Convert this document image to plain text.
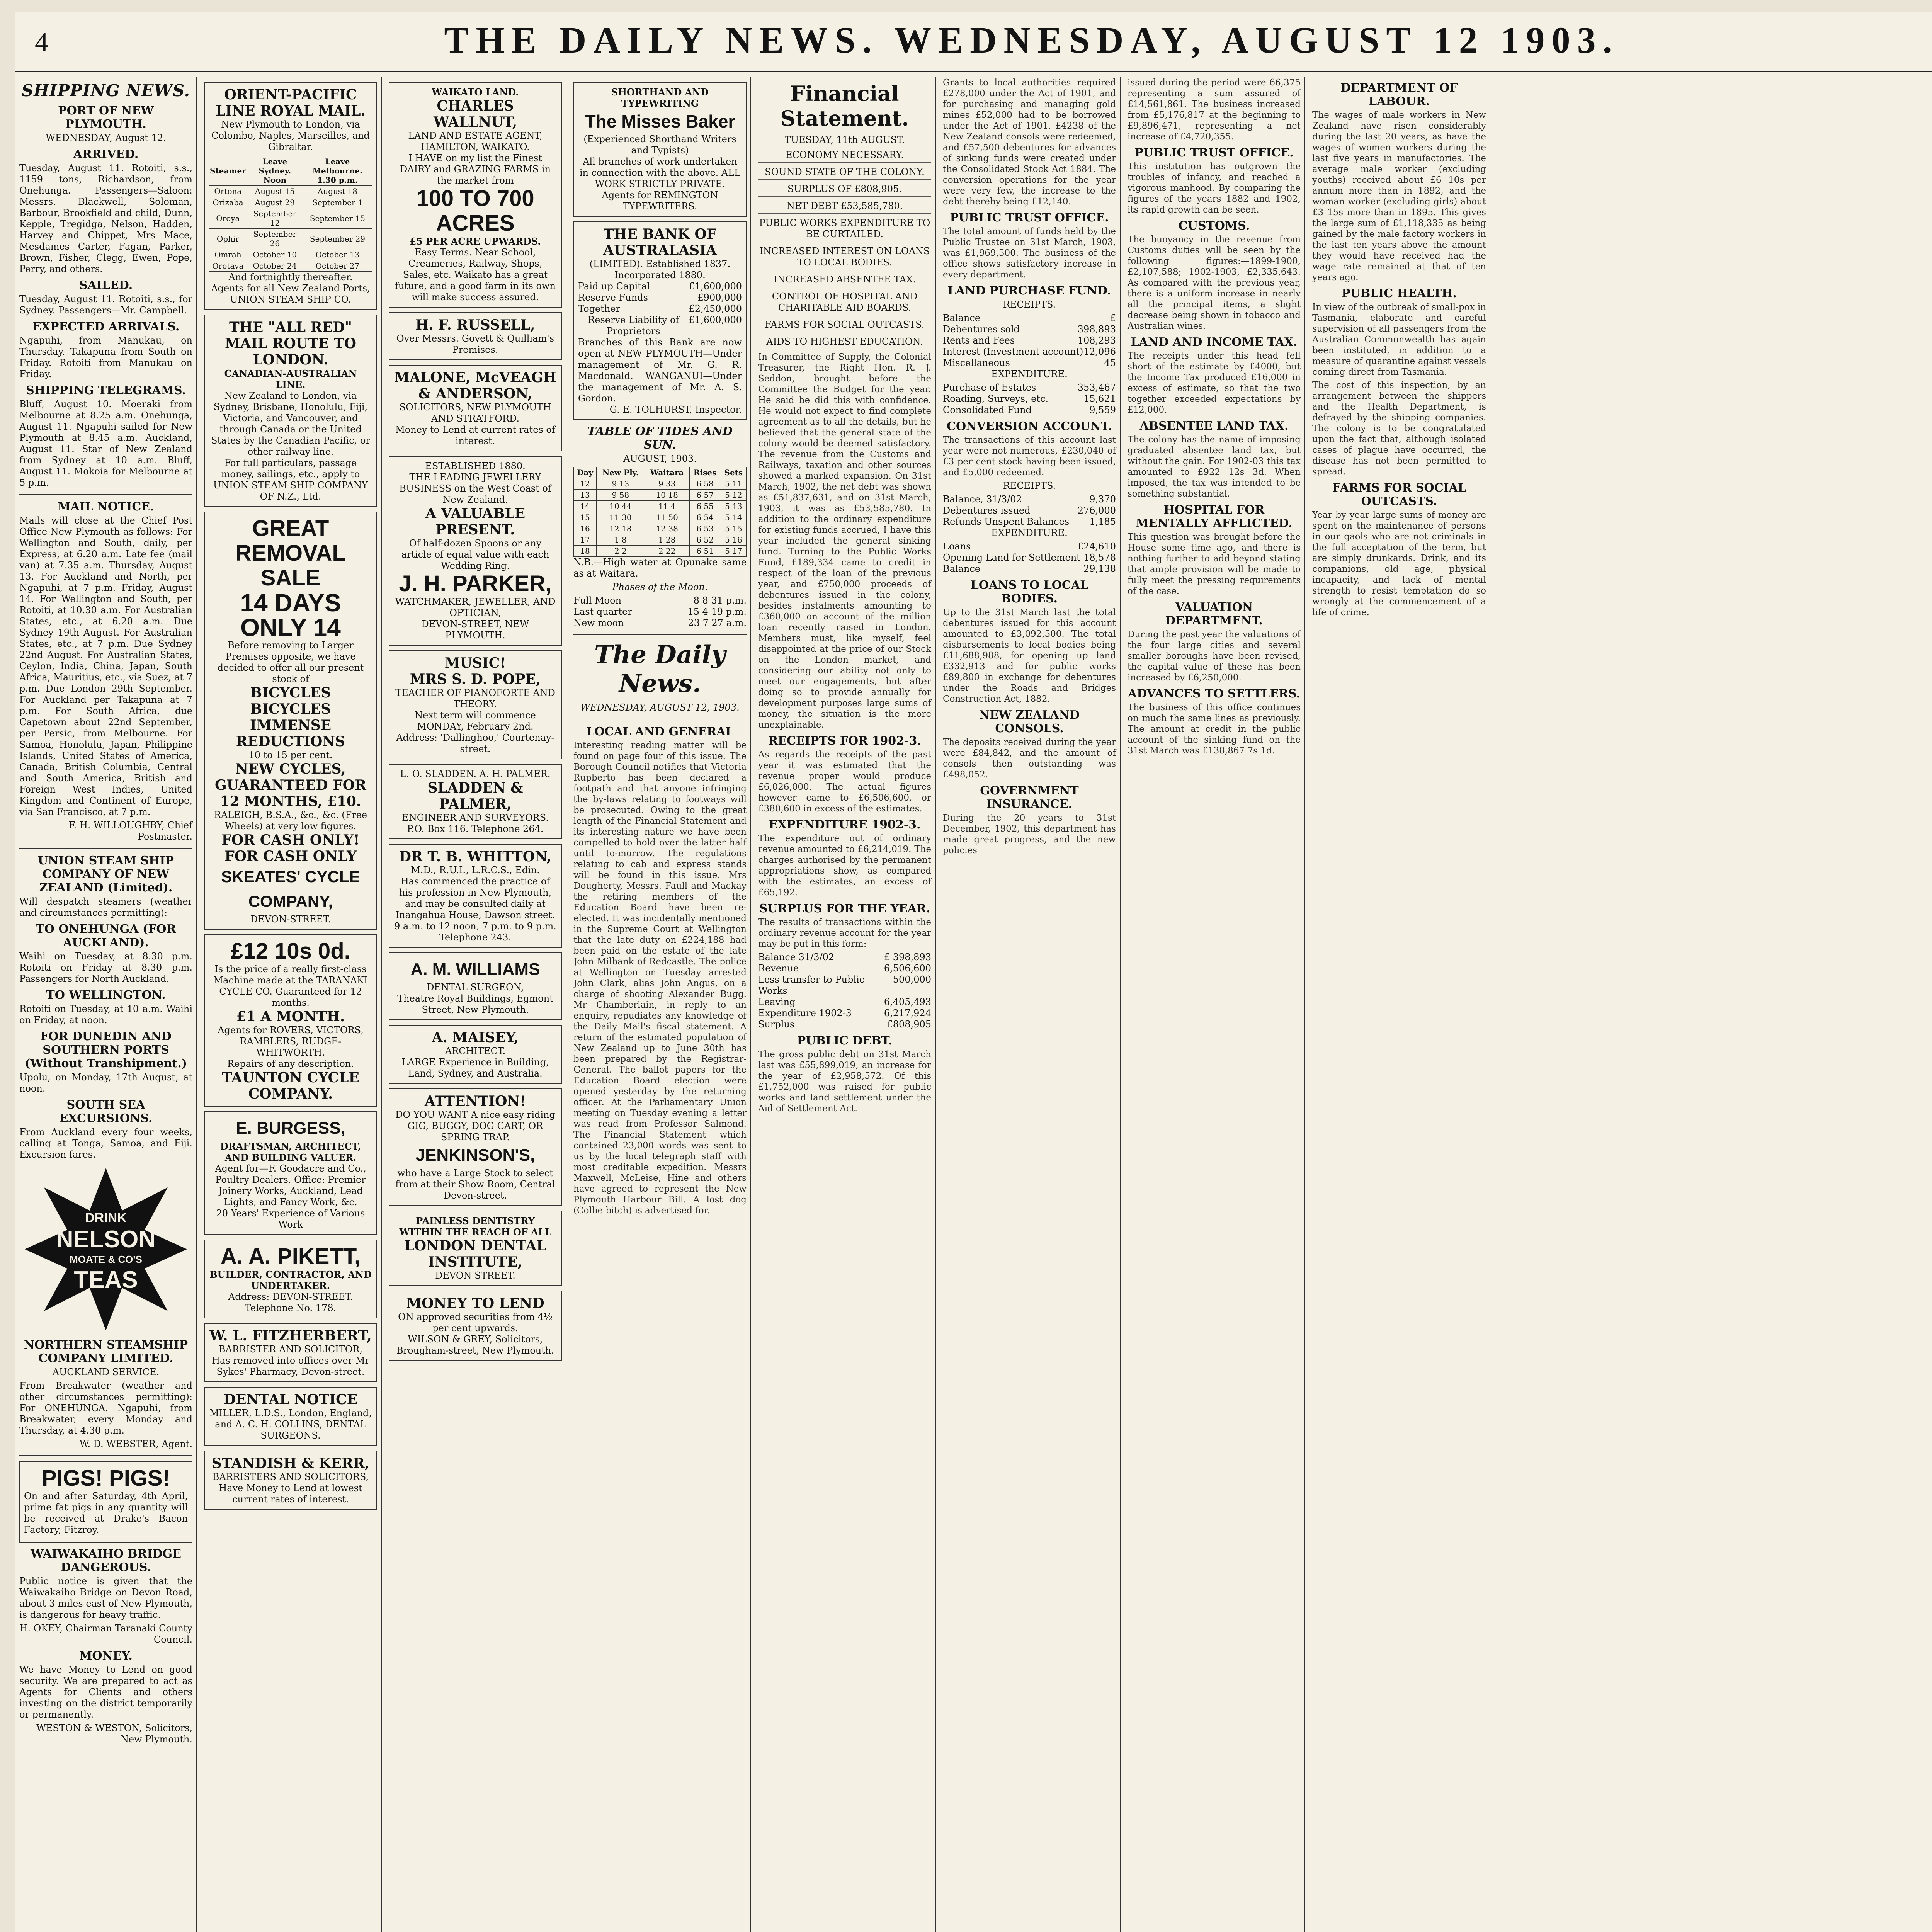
4	THE DAILY NEWS. WEDNESDAY, AUGUST 12 1903.
SHIPPING NEWS.
PORT OF NEW PLYMOUTH.
WEDNESDAY, August 12.
ARRIVED.

Tuesday, August 11. Rotoiti, s.s., 1159 tons, Richardson, from Onehunga. Passengers—Saloon: Messrs. Blackwell, Soloman, Barbour, Brookfield and child, Dunn, Kepple, Tregidga, Nelson, Hadden, Harvey and Chippet, Mrs Mace, Mesdames Carter, Fagan, Parker, Brown, Fisher, Clegg, Ewen, Pope, Perry, and others.

SAILED.

Tuesday, August 11. Rotoiti, s.s., for Sydney. Passengers—Mr. Campbell.

EXPECTED ARRIVALS.

Ngapuhi, from Manukau, on Thursday. Takapuna from South on Friday. Rotoiti from Manukau on Friday.

SHIPPING TELEGRAMS.

Bluff, August 10. Moeraki from Melbourne at 8.25 a.m. Onehunga, August 11. Ngapuhi sailed for New Plymouth at 8.45 a.m. Auckland, August 11. Star of New Zealand from Sydney at 10 a.m. Bluff, August 11. Mokoia for Melbourne at 5 p.m.

MAIL NOTICE.

Mails will close at the Chief Post Office New Plymouth as follows: For Wellington and South, daily, per Express, at 6.20 a.m. Late fee (mail van) at 7.35 a.m. Thursday, August 13. For Auckland and North, per Ngapuhi, at 7 p.m. Friday, August 14. For Wellington and South, per Rotoiti, at 10.30 a.m. For Australian States, etc., at 6.20 a.m. Due Sydney 19th August. For Australian States, etc., at 7 p.m. Due Sydney 22nd August. For Australian States, Ceylon, India, China, Japan, South Africa, Mauritius, etc., via Suez, at 7 p.m. Due London 29th September. For Auckland per Takapuna at 7 p.m. For South Africa, due Capetown about 22nd September, per Persic, from Melbourne. For Samoa, Honolulu, Japan, Philippine Islands, United States of America, Canada, British Columbia, Central and South America, British and Foreign West Indies, United Kingdom and Continent of Europe, via San Francisco, at 7 p.m.

F. H. WILLOUGHBY, Chief Postmaster.

UNION STEAM SHIP COMPANY OF NEW ZEALAND (Limited).

Will despatch steamers (weather and circumstances permitting):

TO ONEHUNGA (FOR AUCKLAND).

Waihi on Tuesday, at 8.30 p.m. Rotoiti on Friday at 8.30 p.m. Passengers for North Auckland.

TO WELLINGTON.

Rotoiti on Tuesday, at 10 a.m. Waihi on Friday, at noon.

FOR DUNEDIN AND SOUTHERN PORTS (Without Transhipment.)

Upolu, on Monday, 17th August, at noon.

SOUTH SEA EXCURSIONS.

From Auckland every four weeks, calling at Tonga, Samoa, and Fiji. Excursion fares.

DRINK
NELSON
MOATE & CO'S
TEAS
NORTHERN STEAMSHIP COMPANY LIMITED.
AUCKLAND SERVICE.

From Breakwater (weather and other circumstances permitting): For ONEHUNGA. Ngapuhi, from Breakwater, every Monday and Thursday, at 4.30 p.m.

W. D. WEBSTER, Agent.

PIGS! PIGS!

On and after Saturday, 4th April, prime fat pigs in any quantity will be received at Drake's Bacon Factory, Fitzroy.

WAIWAKAIHO BRIDGE DANGEROUS.

Public notice is given that the Waiwakaiho Bridge on Devon Road, about 3 miles east of New Plymouth, is dangerous for heavy traffic.

H. OKEY, Chairman Taranaki County Council.

MONEY.

We have Money to Lend on good security. We are prepared to act as Agents for Clients and others investing on the district temporarily or permanently.

WESTON & WESTON, Solicitors, New Plymouth.

ORIENT-PACIFIC LINE ROYAL MAIL.
New Plymouth to London, via Colombo, Naples, Marseilles, and Gibraltar.
Steamer	Leave Sydney. Noon	Leave Melbourne. 1.30 p.m.
Ortona	August 15	August 18
Orizaba	August 29	September 1
Oroya	September 12	September 15
Ophir	September 26	September 29
Omrah	October 10	October 13
Orotava	October 24	October 27
And fortnightly thereafter.
Agents for all New Zealand Ports, UNION STEAM SHIP CO.
THE "ALL RED" MAIL ROUTE TO LONDON.
CANADIAN-AUSTRALIAN LINE.
New Zealand to London, via Sydney, Brisbane, Honolulu, Fiji, Victoria, and Vancouver, and through Canada or the United States by the Canadian Pacific, or other railway line.
For full particulars, passage money, sailings, etc., apply to UNION STEAM SHIP COMPANY OF N.Z., Ltd.
GREAT REMOVAL SALE
14 DAYS ONLY 14
Before removing to Larger Premises opposite, we have decided to offer all our present stock of
BICYCLES BICYCLES
IMMENSE REDUCTIONS
10 to 15 per cent.
NEW CYCLES, GUARANTEED FOR 12 MONTHS, £10.
RALEIGH, B.S.A., &c., &c. (Free Wheels) at very low figures.
FOR CASH ONLY! FOR CASH ONLY
SKEATES' CYCLE COMPANY,
DEVON-STREET.
£12 10s 0d.
Is the price of a really first-class Machine made at the TARANAKI CYCLE CO. Guaranteed for 12 months.
£1 A MONTH.
Agents for ROVERS, VICTORS, RAMBLERS, RUDGE-WHITWORTH.
Repairs of any description.
TAUNTON CYCLE COMPANY.
E. BURGESS,
DRAFTSMAN, ARCHITECT, AND BUILDING VALUER.
Agent for—F. Goodacre and Co., Poultry Dealers. Office: Premier Joinery Works, Auckland, Lead Lights, and Fancy Work, &c.
20 Years' Experience of Various Work
A. A. PIKETT,
BUILDER, CONTRACTOR, AND UNDERTAKER.
Address: DEVON-STREET.
Telephone No. 178.
W. L. FITZHERBERT,
BARRISTER AND SOLICITOR,
Has removed into offices over Mr Sykes' Pharmacy, Devon-street.
DENTAL NOTICE
MILLER, L.D.S., London, England, and A. C. H. COLLINS, DENTAL SURGEONS.
STANDISH & KERR,
BARRISTERS AND SOLICITORS,
Have Money to Lend at lowest current rates of interest.
WAIKATO LAND.
CHARLES WALLNUT,
LAND AND ESTATE AGENT, HAMILTON, WAIKATO.
I HAVE on my list the Finest DAIRY and GRAZING FARMS in the market from
100 TO 700 ACRES
£5 PER ACRE UPWARDS.
Easy Terms. Near School, Creameries, Railway, Shops, Sales, etc. Waikato has a great future, and a good farm in its own will make success assured.
H. F. RUSSELL,
Over Messrs. Govett & Quilliam's Premises.
MALONE, McVEAGH & ANDERSON,
SOLICITORS, NEW PLYMOUTH AND STRATFORD.
Money to Lend at current rates of interest.
ESTABLISHED 1880.
THE LEADING JEWELLERY BUSINESS on the West Coast of New Zealand.
A VALUABLE PRESENT.
Of half-dozen Spoons or any article of equal value with each Wedding Ring.
J. H. PARKER,
WATCHMAKER, JEWELLER, AND OPTICIAN,
DEVON-STREET, NEW PLYMOUTH.
MUSIC!
MRS S. D. POPE,
TEACHER OF PIANOFORTE AND THEORY.
Next term will commence MONDAY, February 2nd.
Address: 'Dallinghoo,' Courtenay-street.
L. O. SLADDEN. A. H. PALMER.
SLADDEN & PALMER,
ENGINEER AND SURVEYORS.
P.O. Box 116. Telephone 264.
DR T. B. WHITTON,
M.D., R.U.I., L.R.C.S., Edin.
Has commenced the practice of his profession in New Plymouth, and may be consulted daily at Inangahua House, Dawson street.
9 a.m. to 12 noon, 7 p.m. to 9 p.m. Telephone 243.
A. M. WILLIAMS
DENTAL SURGEON,
Theatre Royal Buildings, Egmont Street, New Plymouth.
A. MAISEY,
ARCHITECT.
LARGE Experience in Building, Land, Sydney, and Australia.
ATTENTION!
DO YOU WANT A nice easy riding GIG, BUGGY, DOG CART, OR SPRING TRAP.
JENKINSON'S,
who have a Large Stock to select from at their Show Room, Central Devon-street.
PAINLESS DENTISTRY WITHIN THE REACH OF ALL
LONDON DENTAL INSTITUTE,
DEVON STREET.
MONEY TO LEND
ON approved securities from 4½ per cent upwards.
WILSON & GREY, Solicitors, Brougham-street, New Plymouth.
SHORTHAND AND TYPEWRITING
The Misses Baker
(Experienced Shorthand Writers and Typists)
All branches of work undertaken in connection with the above. ALL WORK STRICTLY PRIVATE.
Agents for REMINGTON TYPEWRITERS.
THE BANK OF AUSTRALASIA
(LIMITED). Established 1837. Incorporated 1880.
Paid up Capital	£1,600,000
Reserve Funds	£900,000
Together	£2,450,000
Reserve Liability of Proprietors
£1,600,000
Branches of this Bank are now open at NEW PLYMOUTH—Under management of Mr. G. R. Macdonald. WANGANUI—Under the management of Mr. A. S. Gordon.
G. E. TOLHURST, Inspector.
TABLE OF TIDES AND SUN.
AUGUST, 1903.
Day	New Ply.	Waitara	Rises	Sets
12	9 13	9 33	6 58	5 11
13	9 58	10 18	6 57	5 12
14	10 44	11 4	6 55	5 13
15	11 30	11 50	6 54	5 14
16	12 18	12 38	6 53	5 15
17	1 8	1 28	6 52	5 16
18	2 2	2 22	6 51	5 17

N.B.—High water at Opunake same as at Waitara.

Phases of the Moon.
Full Moon	8 8 31 p.m.
Last quarter	15 4 19 p.m.
New moon	23 7 27 a.m.
The Daily News.
WEDNESDAY, AUGUST 12, 1903.
LOCAL AND GENERAL

Interesting reading matter will be found on page four of this issue. The Borough Council notifies that Victoria Rupberto has been declared a footpath and that anyone infringing the by-laws relating to footways will be prosecuted. Owing to the great length of the Financial Statement and its interesting nature we have been compelled to hold over the latter half until to-morrow. The regulations relating to cab and express stands will be found in this issue. Mrs Dougherty, Messrs. Faull and Mackay the retiring members of the Education Board have been re-elected. It was incidentally mentioned in the Supreme Court at Wellington that the late duty on £224,188 had been paid on the estate of the late John Milbank of Redcastle. The police at Wellington on Tuesday arrested John Clark, alias John Angus, on a charge of shooting Alexander Bugg. Mr Chamberlain, in reply to an enquiry, repudiates any knowledge of the Daily Mail's fiscal statement. A return of the estimated population of New Zealand up to June 30th has been prepared by the Registrar-General. The ballot papers for the Education Board election were opened yesterday by the returning officer. At the Parliamentary Union meeting on Tuesday evening a letter was read from Professor Salmond. The Financial Statement which contained 23,000 words was sent to us by the local telegraph staff with most creditable expedition. Messrs Maxwell, McLeise, Hine and others have agreed to represent the New Plymouth Harbour Bill. A lost dog (Collie bitch) is advertised for.

Financial Statement.
TUESDAY, 11th AUGUST.
ECONOMY NECESSARY.
SOUND STATE OF THE COLONY.
SURPLUS OF £808,905.
NET DEBT £53,585,780.
PUBLIC WORKS EXPENDITURE TO BE CURTAILED.
INCREASED INTEREST ON LOANS TO LOCAL BODIES.
INCREASED ABSENTEE TAX.
CONTROL OF HOSPITAL AND CHARITABLE AID BOARDS.
FARMS FOR SOCIAL OUTCASTS.
AIDS TO HIGHEST EDUCATION.

In Committee of Supply, the Colonial Treasurer, the Right Hon. R. J. Seddon, brought before the Committee the Budget for the year. He said he did this with confidence. He would not expect to find complete agreement as to all the details, but he believed that the general state of the colony would be deemed satisfactory. The revenue from the Customs and Railways, taxation and other sources showed a marked expansion. On 31st March, 1902, the net debt was shown as £51,837,631, and on 31st March, 1903, it was as £53,585,780. In addition to the ordinary expenditure for existing funds accrued, I have this year included the general sinking fund. Turning to the Public Works Fund, £189,334 came to credit in respect of the loan of the previous year, and £750,000 proceeds of debentures issued in the colony, besides instalments amounting to £360,000 on account of the million loan recently raised in London. Members must, like myself, feel disappointed at the price of our Stock on the London market, and considering our ability not only to meet our engagements, but after doing so to provide annually for development purposes large sums of money, the situation is the more unexplainable.

RECEIPTS FOR 1902-3.

As regards the receipts of the past year it was estimated that the revenue proper would produce £6,026,000. The actual figures however came to £6,506,600, or £380,600 in excess of the estimates.

EXPENDITURE 1902-3.

The expenditure out of ordinary revenue amounted to £6,214,019. The charges authorised by the permanent appropriations show, as compared with the estimates, an excess of £65,192.

SURPLUS FOR THE YEAR.

The results of transactions within the ordinary revenue account for the year may be put in this form:

Balance 31/3/02	£ 398,893
Revenue	6,506,600
Less transfer to Public Works
500,000
Leaving	6,405,493
Expenditure 1902-3	6,217,924
Surplus	£808,905
PUBLIC DEBT.

The gross public debt on 31st March last was £55,899,019, an increase for the year of £2,958,572. Of this £1,752,000 was raised for public works and land settlement under the Aid of Settlement Act.

Grants to local authorities required £278,000 under the Act of 1901, and for purchasing and managing gold mines £52,000 had to be borrowed under the Act of 1901. £4238 of the New Zealand consols were redeemed, and £57,500 debentures for advances of sinking funds were created under the Consolidated Stock Act 1884. The conversion operations for the year were very few, the increase to the debt thereby being £12,140.

PUBLIC TRUST OFFICE.

The total amount of funds held by the Public Trustee on 31st March, 1903, was £1,969,500. The business of the office shows satisfactory increase in every department.

LAND PURCHASE FUND.
RECEIPTS.
Balance	£
Debentures sold	398,893
Rents and Fees	108,293
Interest (Investment account) 12,096
Miscellaneous	45
EXPENDITURE.
Purchase of Estates	353,467
Roading, Surveys, etc.	15,621
Consolidated Fund	9,559
CONVERSION ACCOUNT.

The transactions of this account last year were not numerous, £230,040 of £3 per cent stock having been issued, and £5,000 redeemed.

RECEIPTS.
Balance, 31/3/02	9,370
Debentures issued	276,000
Refunds Unspent Balances 1,185
EXPENDITURE.
Loans	£24,610
Opening Land for Settlement 18,578
Balance	29,138
LOANS TO LOCAL BODIES.

Up to the 31st March last the total debentures issued for this account amounted to £3,092,500. The total disbursements to local bodies being £11,688,988, for opening up land £332,913 and for public works £89,800 in exchange for debentures under the Roads and Bridges Construction Act, 1882.

NEW ZEALAND CONSOLS.

The deposits received during the year were £84,842, and the amount of consols then outstanding was £498,052.

GOVERNMENT INSURANCE.

During the 20 years to 31st December, 1902, this department has made great progress, and the new policies

issued during the period were 66,375 representing a sum assured of £14,561,861. The business increased from £5,176,817 at the beginning to £9,896,471, representing a net increase of £4,720,355.

PUBLIC TRUST OFFICE.

This institution has outgrown the troubles of infancy, and reached a vigorous manhood. By comparing the figures of the years 1882 and 1902, its rapid growth can be seen.

CUSTOMS.

The buoyancy in the revenue from Customs duties will be seen by the following figures:—1899-1900, £2,107,588; 1902-1903, £2,335,643. As compared with the previous year, there is a uniform increase in nearly all the principal items, a slight decrease being shown in tobacco and Australian wines.

LAND AND INCOME TAX.

The receipts under this head fell short of the estimate by £4000, but the Income Tax produced £16,000 in excess of estimate, so that the two together exceeded expectations by £12,000.

ABSENTEE LAND TAX.

The colony has the name of imposing graduated absentee land tax, but without the gain. For 1902-03 this tax amounted to £922 12s 3d. When imposed, the tax was intended to be something substantial.

HOSPITAL FOR MENTALLY AFFLICTED.

This question was brought before the House some time ago, and there is nothing further to add beyond stating that ample provision will be made to fully meet the pressing requirements of the case.

VALUATION DEPARTMENT.

During the past year the valuations of the four large cities and several smaller boroughs have been revised, the capital value of these has been increased by £6,250,000.

ADVANCES TO SETTLERS.

The business of this office continues on much the same lines as previously. The amount at credit in the public account of the sinking fund on the 31st March was £138,867 7s 1d.

DEPARTMENT OF LABOUR.

The wages of male workers in New Zealand have risen considerably during the last 20 years, as have the wages of women workers during the last five years in manufactories. The average male worker (excluding youths) received about £6 10s per annum more than in 1892, and the woman worker (excluding girls) about £3 15s more than in 1895. This gives the large sum of £1,118,335 as being gained by the male factory workers in the last ten years above the amount they would have received had the wage rate remained at that of ten years ago.

PUBLIC HEALTH.

In view of the outbreak of small-pox in Tasmania, elaborate and careful supervision of all passengers from the Australian Commonwealth has again been instituted, in addition to a measure of quarantine against vessels coming direct from Tasmania.

The cost of this inspection, by an arrangement between the shippers and the Health Department, is defrayed by the shipping companies. The colony is to be congratulated upon the fact that, although isolated cases of plague have occurred, the disease has not been permitted to spread.

FARMS FOR SOCIAL OUTCASTS.

Year by year large sums of money are spent on the maintenance of persons in our gaols who are not criminals in the full acceptation of the term, but are simply drunkards. Drink, and its companions, old age, physical incapacity, and lack of mental strength to resist temptation do so wrongly at the commencement of a life of crime.
